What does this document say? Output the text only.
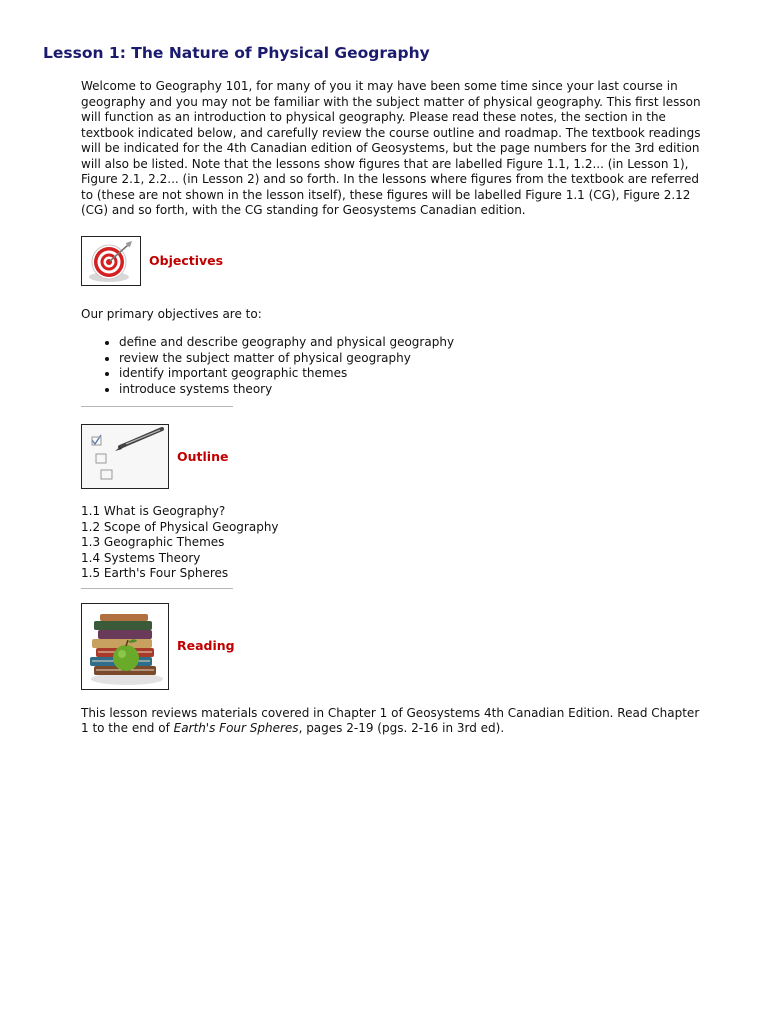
Lesson 1: The Nature of Physical Geography

Welcome to Geography 101, for many of you it may have been some time since your last course in geography and you may not be familiar with the subject matter of physical geography. This first lesson will function as an introduction to physical geography. Please read these notes, the section in the textbook indicated below, and carefully review the course outline and roadmap. The textbook readings will be indicated for the 4th Canadian edition of Geosystems, but the page numbers for the 3rd edition will also be listed. Note that the lessons show figures that are labelled Figure 1.1, 1.2... (in Lesson 1), Figure 2.1, 2.2... (in Lesson 2) and so forth. In the lessons where figures from the textbook are referred to (these are not shown in the lesson itself), these figures will be labelled Figure 1.1 (CG), Figure 2.12 (CG) and so forth, with the CG standing for Geosystems Canadian edition.

Objectives

Our primary objectives are to:

• define and describe geography and physical geography
• review the subject matter of physical geography
• identify important geographic themes
• introduce systems theory
Outline
1.1 What is Geography?
1.2 Scope of Physical Geography
1.3 Geographic Themes
1.4 Systems Theory
1.5 Earth's Four Spheres
Reading

This lesson reviews materials covered in Chapter 1 of Geosystems 4th Canadian Edition. Read Chapter 1 to the end of Earth's Four Spheres, pages 2-19 (pgs. 2-16 in 3rd ed).
